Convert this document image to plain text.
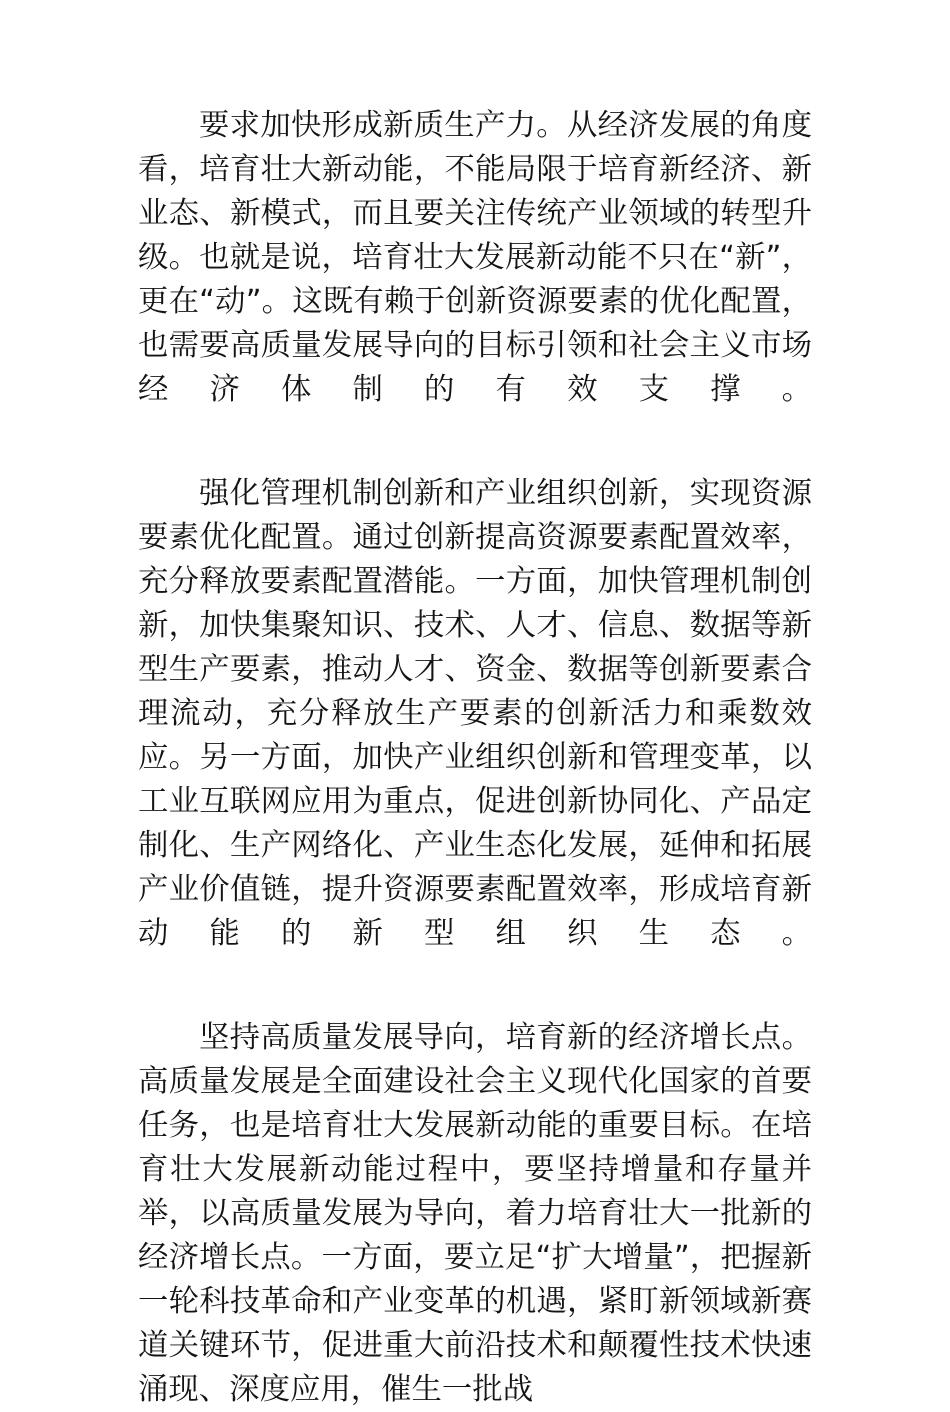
要求加快形成新质生产力。从经济发展的角度看，培育壮大新动能，不能局限于培育新经济、新业态、新模式，而且要关注传统产业领域的转型升级。也就是说，培育壮大发展新动能不只在“新”，更在“动”。这既有赖于创新资源要素的优化配置，也需要高质量发展导向的目标引领和社会主义市场经济体制的有效支撑。

强化管理机制创新和产业组织创新，实现资源要素优化配置。通过创新提高资源要素配置效率，充分释放要素配置潜能。一方面，加快管理机制创新，加快集聚知识、技术、人才、信息、数据等新型生产要素，推动人才、资金、数据等创新要素合理流动，充分释放生产要素的创新活力和乘数效应。另一方面，加快产业组织创新和管理变革，以工业互联网应用为重点，促进创新协同化、产品定制化、生产网络化、产业生态化发展，延伸和拓展产业价值链，提升资源要素配置效率，形成培育新动能的新型组织生态。

坚持高质量发展导向，培育新的经济增长点。高质量发展是全面建设社会主义现代化国家的首要任务，也是培育壮大发展新动能的重要目标。在培育壮大发展新动能过程中，要坚持增量和存量并举，以高质量发展为导向，着力培育壮大一批新的经济增长点。一方面，要立足“扩大增量”，把握新一轮科技革命和产业变革的机遇，紧盯新领域新赛道关键环节，促进重大前沿技术和颠覆性技术快速涌现、深度应用，催生一批战
